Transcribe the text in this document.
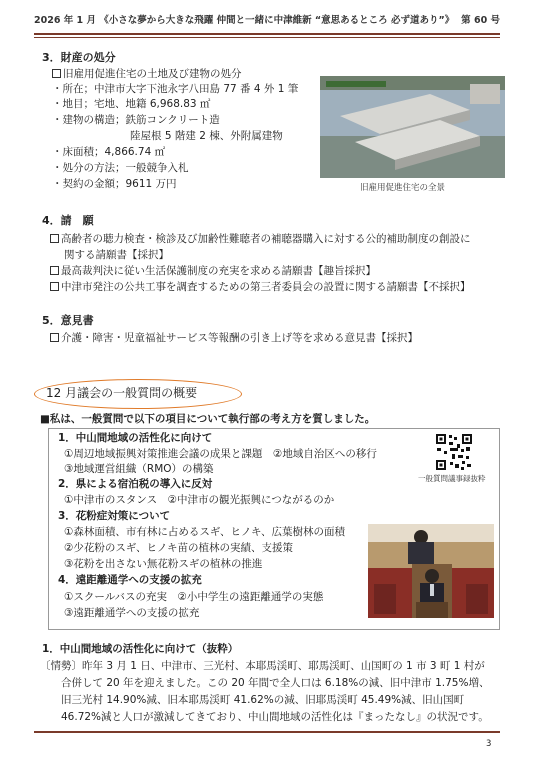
2026 年 1 月 《小さな夢から大きな飛躍 仲間と一緒に中津維新 “意思あるところ 必ず道あり”》 第 60 号
3．財産の処分
旧雇用促進住宅の土地及び建物の処分
・所在；中津市大字下池永字八田島 77 番 4 外 1 筆
・地目；宅地、地籍 6,968.83 ㎡
・建物の構造；鉄筋コンクリート造
陸屋根 5 階建 2 棟、外附属建物
・床面積；4,866.74 ㎡
・処分の方法；一般競争入札
・契約の金額；9611 万円	旧雇用促進住宅の全景
4．請　願
高齢者の聴力検査・検診及び加齢性難聴者の補聴器購入に対する公的補助制度の創設に
関する請願書【採択】
最高裁判決に従い生活保護制度の充実を求める請願書【趣旨採択】
中津市発注の公共工事を調査するための第三者委員会の設置に関する請願書【不採択】
5．意見書
介護・障害・児童福祉サービス等報酬の引き上げ等を求める意見書【採択】
12 月議会の一般質問の概要
■私は、一般質問で以下の項目について執行部の考え方を質しました。
1．中山間地域の活性化に向けて
①周辺地域振興対策推進会議の成果と課題　②地域自治区への移行
③地域運営組織（RMO）の構築
2．県による宿泊税の導入に反対
①中津市のスタンス　②中津市の観光振興につながるのか
3．花粉症対策について
①森林面積、市有林に占めるスギ、ヒノキ、広葉樹林の面積
②少花粉のスギ、ヒノキ苗の植林の実績、支援策
③花粉を出さない無花粉スギの植林の推進
4．遠距離通学への支援の拡充
①スクールバスの充実　②小中学生の遠距離通学の実態
③遠距離通学への支援の拡充
一般質問議事録抜粋
1．中山間地域の活性化に向けて（抜粋）
〔情勢〕昨年 3 月 1 日、中津市、三光村、本耶馬渓町、耶馬渓町、山国町の 1 市 3 町 1 村が
　　合併して 20 年を迎えました。この 20 年間で全人口は 6.18%の減、旧中津市 1.75%増、
　　旧三光村 14.90%減、旧本耶馬渓町 41.62%の減、旧耶馬渓町 45.49%減、旧山国町
　　46.72%減と人口が激減してきており、中山間地域の活性化は『まったなし』の状況です。
3
